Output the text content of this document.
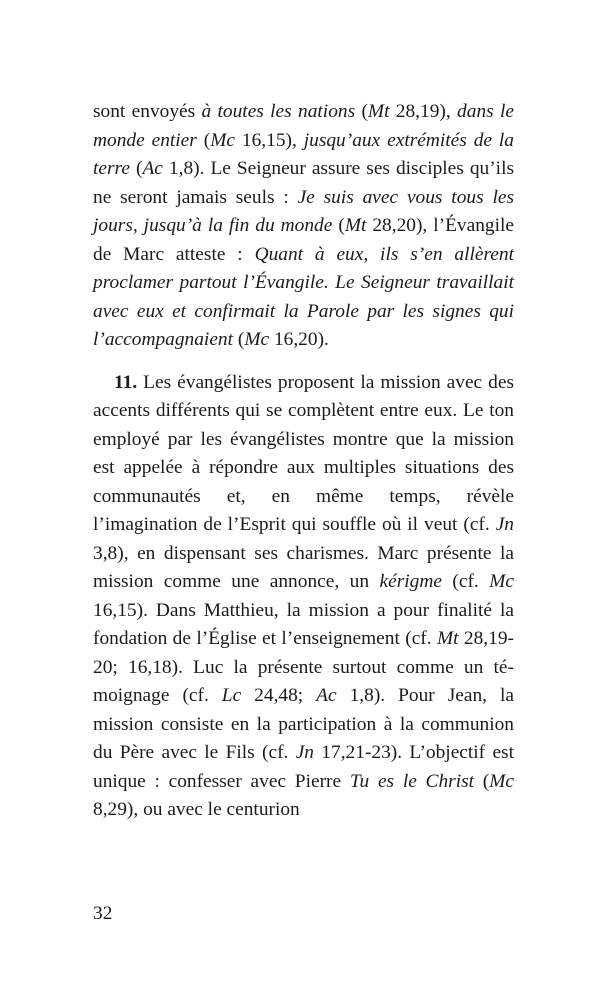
sont envoyés à toutes les nations (Mt 28,19), dans le monde entier (Mc 16,15), jusqu’aux extrémités de la terre (Ac 1,8). Le Seigneur assure ses disciples qu’ils ne seront jamais seuls : Je suis avec vous tous les jours, jusqu’à la fin du monde (Mt 28,20), l’Évangile de Marc atteste : Quant à eux, ils s’en allèrent proclamer partout l’Évangile. Le Seigneur travaillait avec eux et confirmait la Parole par les signes qui l’accompagnaient (Mc 16,20).

11. Les évangélistes proposent la mission avec des accents différents qui se complètent entre eux. Le ton employé par les évangélistes montre que la mission est appelée à répondre aux multiples situations des communautés et, en même temps, révèle l’imagination de l’Esprit qui souffle où il veut (cf. Jn 3,8), en dispensant ses charismes. Marc présente la mission comme une annonce, un kérigme (cf. Mc 16,15). Dans Matthieu, la mission a pour finalité la fondation de l’Église et l’enseignement (cf. Mt 28,19-20; 16,18). Luc la présente surtout comme un témoignage (cf. Lc 24,48; Ac 1,8). Pour Jean, la mission consiste en la participation à la communion du Père avec le Fils (cf. Jn 17,21-23). L’objectif est unique : confesser avec Pierre Tu es le Christ (Mc 8,29), ou avec le centurion

32
